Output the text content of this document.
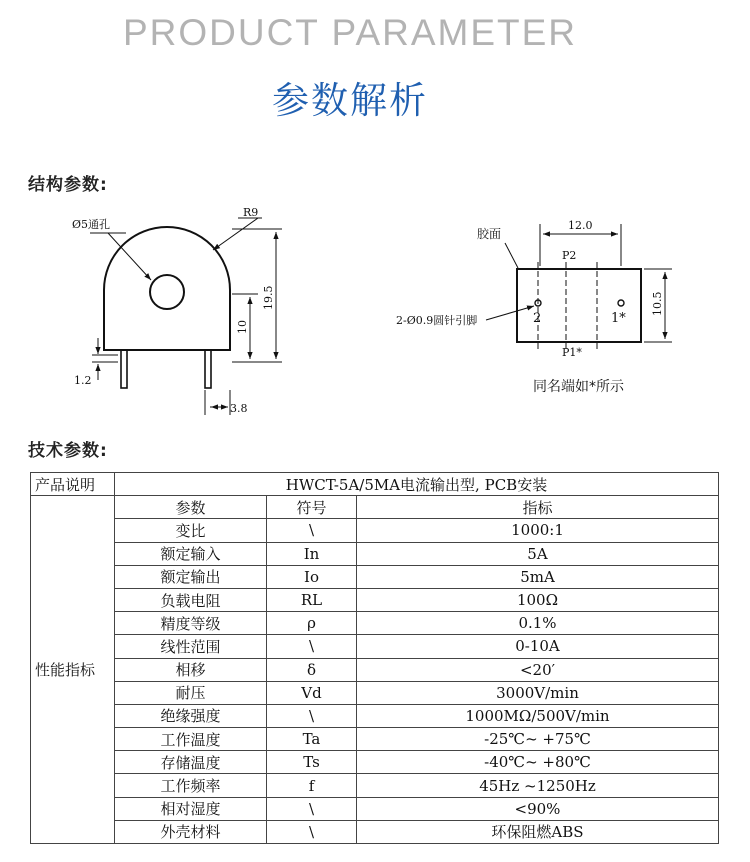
PRODUCT PARAMETER
参数解析
结构参数:
Ø5通孔
R9
19.5
10
1.2
3.8
胶面
12.0
10.5
P2
2	1*
P1*
2-Ø0.9圆针引脚
同名端如*所示
技术参数:
产品说明	HWCT-5A/5MA电流输出型, PCB安装		
性能指标	参数	符号	指标
	变比	\	1000:1
	额定输入	In	5A
	额定输出	Io	5mA
	负载电阻	RL	100Ω
	精度等级	ρ	0.1%
	线性范围	\	0-10A
	相移	δ	<20′
	耐压	Vd	3000V/min
	绝缘强度	\	1000MΩ/500V/min
	工作温度	Ta	-25℃~ +75℃
	存储温度	Ts	-40℃~ +80℃
	工作频率	f	45Hz ~1250Hz
	相对湿度	\	<90%
	外壳材料	\	环保阻燃ABS
